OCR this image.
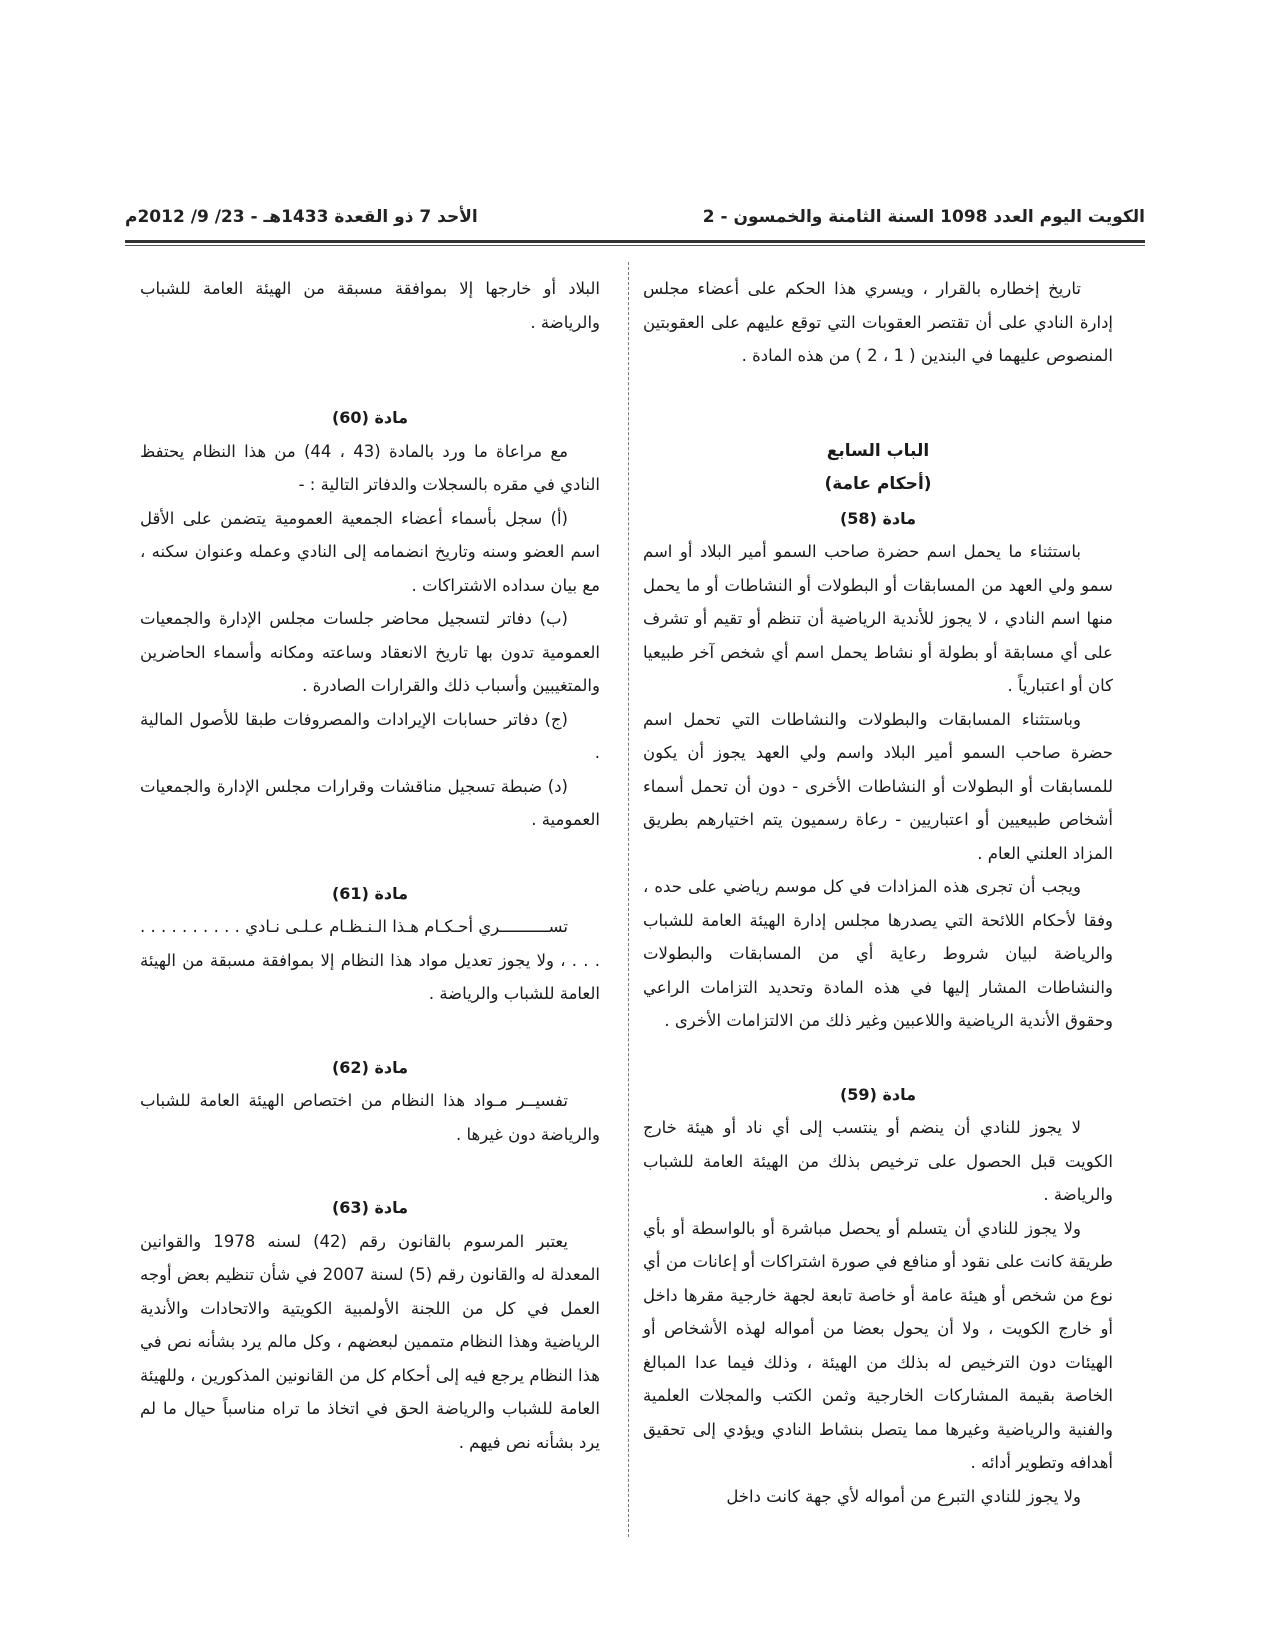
الكويت اليوم العدد 1098 السنة الثامنة والخمسون - 2
الأحد 7 ذو القعدة 1433هـ - 23/ 9/ 2012م

تاريخ إخطاره بالقرار ، ويسري هذا الحكم على أعضاء مجلس إدارة النادي على أن تقتصر العقوبات التي توقع عليهم على العقوبتين المنصوص عليهما في البندين ( 1 ، 2 ) من هذه المادة .

الباب السابع

(أحكام عامة)

مادة (58)

باستثناء ما يحمل اسم حضرة صاحب السمو أمير البلاد أو اسم سمو ولي العهد من المسابقات أو البطولات أو النشاطات أو ما يحمل منها اسم النادي ، لا يجوز للأندية الرياضية أن تنظم أو تقيم أو تشرف على أي مسابقة أو بطولة أو نشاط يحمل اسم أي شخص آخر طبيعيا كان أو اعتبارياً .

وباستثناء المسابقات والبطولات والنشاطات التي تحمل اسم حضرة صاحب السمو أمير البلاد واسم ولي العهد يجوز أن يكون للمسابقات أو البطولات أو النشاطات الأخرى - دون أن تحمل أسماء أشخاص طبيعيين أو اعتباريين - رعاة رسميون يتم اختيارهم بطريق المزاد العلني العام .

ويجب أن تجرى هذه المزادات في كل موسم رياضي على حده ، وفقا لأحكام اللائحة التي يصدرها مجلس إدارة الهيئة العامة للشباب والرياضة لبيان شروط رعاية أي من المسابقات والبطولات والنشاطات المشار إليها في هذه المادة وتحديد التزامات الراعي وحقوق الأندية الرياضية واللاعبين وغير ذلك من الالتزامات الأخرى .

مادة (59)

لا يجوز للنادي أن ينضم أو ينتسب إلى أي ناد أو هيئة خارج الكويت قبل الحصول على ترخيص بذلك من الهيئة العامة للشباب والرياضة .

ولا يجوز للنادي أن يتسلم أو يحصل مباشرة أو بالواسطة أو بأي طريقة كانت على نقود أو منافع في صورة اشتراكات أو إعانات من أي نوع من شخص أو هيئة عامة أو خاصة تابعة لجهة خارجية مقرها داخل أو خارج الكويت ، ولا أن يحول بعضا من أمواله لهذه الأشخاص أو الهيئات دون الترخيص له بذلك من الهيئة ، وذلك فيما عدا المبالغ الخاصة بقيمة المشاركات الخارجية وثمن الكتب والمجلات العلمية والفنية والرياضية وغيرها مما يتصل بنشاط النادي ويؤدي إلى تحقيق أهدافه وتطوير أدائه .

ولا يجوز للنادي التبرع من أمواله لأي جهة كانت داخل

البلاد أو خارجها إلا بموافقة مسبقة من الهيئة العامة للشباب والرياضة .

مادة (60)

مع مراعاة ما ورد بالمادة (43 ، 44) من هذا النظام يحتفظ النادي في مقره بالسجلات والدفاتر التالية : -

(أ) سجل بأسماء أعضاء الجمعية العمومية يتضمن على الأقل اسم العضو وسنه وتاريخ انضمامه إلى النادي وعمله وعنوان سكنه ، مع بيان سداده الاشتراكات .

(ب) دفاتر لتسجيل محاضر جلسات مجلس الإدارة والجمعيات العمومية تدون بها تاريخ الانعقاد وساعته ومكانه وأسماء الحاضرين والمتغيبين وأسباب ذلك والقرارات الصادرة .

(ج) دفاتر حسابات الإيرادات والمصروفات طبقا للأصول المالية .

(د) ضبطة تسجيل مناقشات وقرارات مجلس الإدارة والجمعيات العمومية .

مادة (61)

تســــــــــري أحـكـام هـذا الـنـظـام عـلـى نـادي . . . . . . . . . . . . . ، ولا يجوز تعديل مواد هذا النظام إلا بموافقة مسبقة من الهيئة العامة للشباب والرياضة .

مادة (62)

تفسيــر مـواد هذا النظام من اختصاص الهيئة العامة للشباب والرياضة دون غيرها .

مادة (63)

يعتبر المرسوم بالقانون رقم (42) لسنه 1978 والقوانين المعدلة له والقانون رقم (5) لسنة 2007 في شأن تنظيم بعض أوجه العمل في كل من اللجنة الأولمبية الكويتية والاتحادات والأندية الرياضية وهذا النظام متممين لبعضهم ، وكل مالم يرد بشأنه نص في هذا النظام يرجع فيه إلى أحكام كل من القانونين المذكورين ، وللهيئة العامة للشباب والرياضة الحق في اتخاذ ما تراه مناسباً حيال ما لم يرد بشأنه نص فيهم .
